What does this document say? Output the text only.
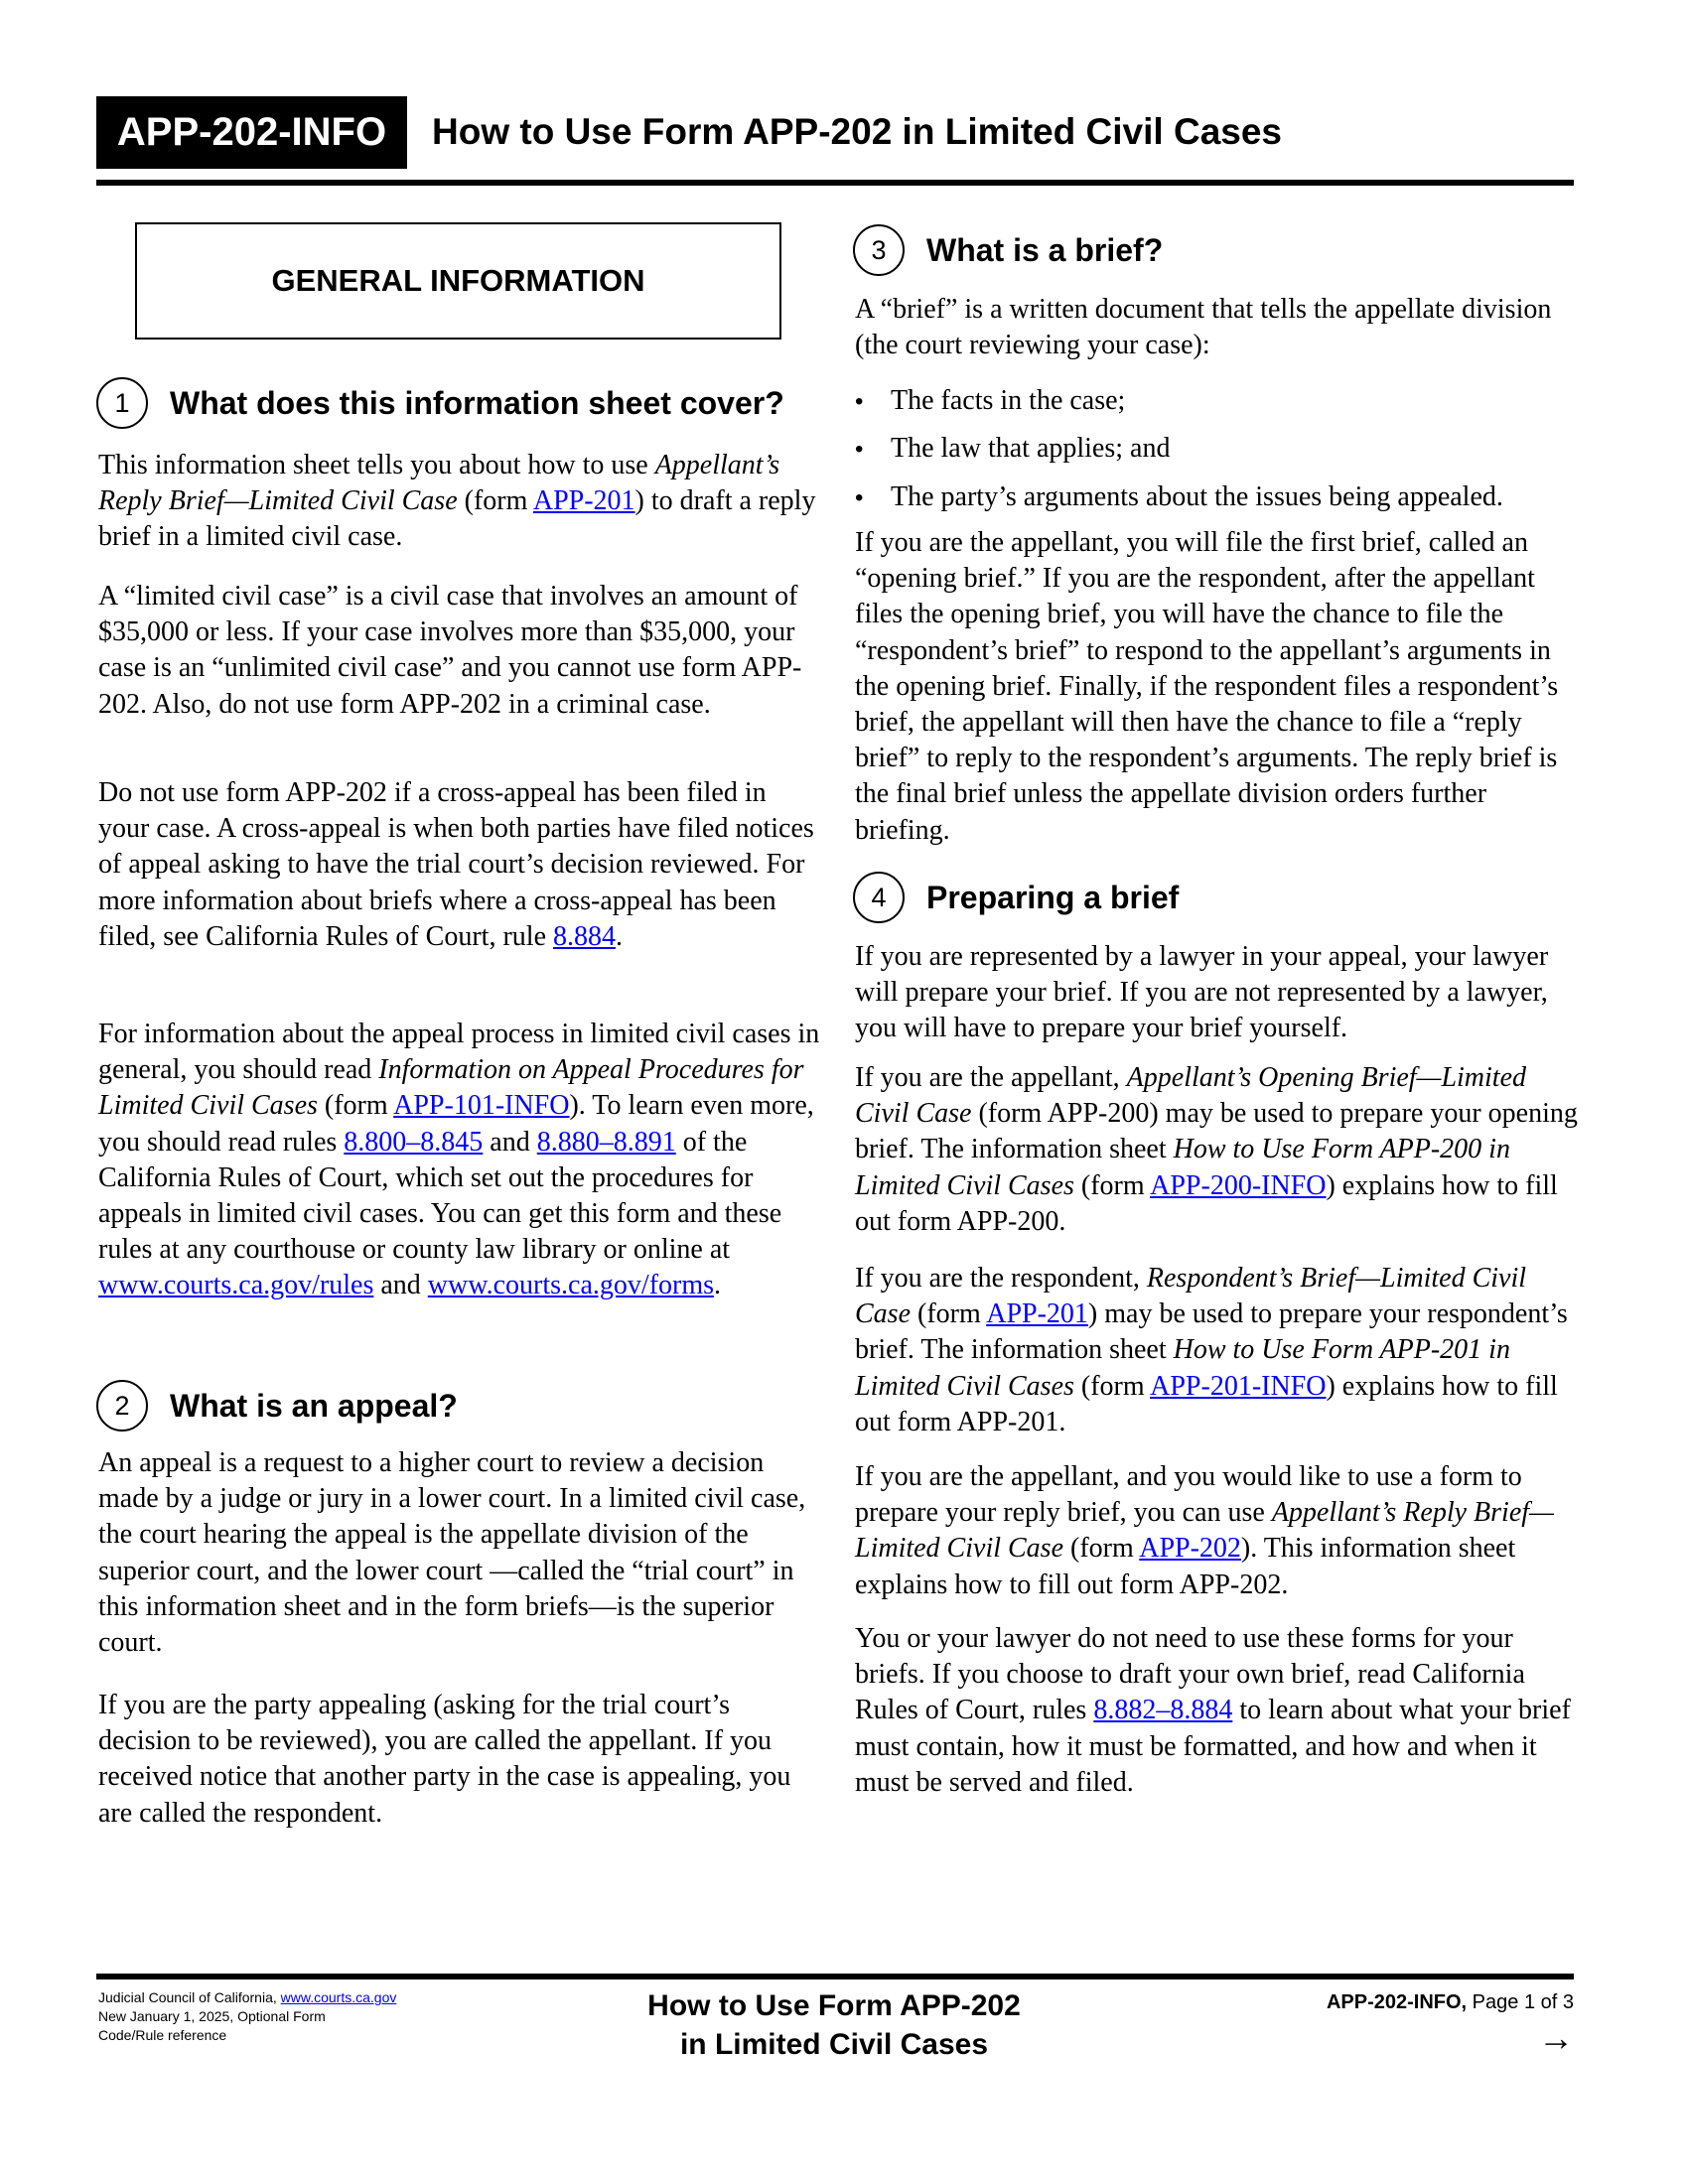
APP-202-INFO	How to Use Form APP-202 in Limited Civil Cases
GENERAL INFORMATION
1	What does this information sheet cover?
This information sheet tells you about how to use Appellant’s Reply Brief—Limited Civil Case (form APP-201) to draft a reply brief in a limited civil case.
A “limited civil case” is a civil case that involves an amount of $35,000 or less. If your case involves more than $35,000, your case is an “unlimited civil case” and you cannot use form APP-202. Also, do not use form APP-202 in a criminal case.
Do not use form APP-202 if a cross-appeal has been filed in your case. A cross-appeal is when both parties have filed notices of appeal asking to have the trial court’s decision reviewed. For more information about briefs where a cross-appeal has been filed, see California Rules of Court, rule 8.884.
For information about the appeal process in limited civil cases in general, you should read Information on Appeal Procedures for Limited Civil Cases (form APP-101-INFO). To learn even more, you should read rules 8.800–8.845 and 8.880–8.891 of the California Rules of Court, which set out the procedures for appeals in limited civil cases. You can get this form and these rules at any courthouse or county law library or online at www.courts.ca.gov/rules and www.courts.ca.gov/forms.
2	What is an appeal?
An appeal is a request to a higher court to review a decision made by a judge or jury in a lower court. In a limited civil case, the court hearing the appeal is the appellate division of the superior court, and the lower court —called the “trial court” in this information sheet and in the form briefs—is the superior court.
If you are the party appealing (asking for the trial court’s decision to be reviewed), you are called the appellant. If you received notice that another party in the case is appealing, you are called the respondent.
3	What is a brief?
A “brief” is a written document that tells the appellate division (the court reviewing your case):
• The facts in the case;
• The law that applies; and
• The party’s arguments about the issues being appealed.
If you are the appellant, you will file the first brief, called an “opening brief.” If you are the respondent, after the appellant files the opening brief, you will have the chance to file the “respondent’s brief” to respond to the appellant’s arguments in the opening brief. Finally, if the respondent files a respondent’s brief, the appellant will then have the chance to file a “reply brief” to reply to the respondent’s arguments. The reply brief is the final brief unless the appellate division orders further briefing.
4	Preparing a brief
If you are represented by a lawyer in your appeal, your lawyer will prepare your brief. If you are not represented by a lawyer, you will have to prepare your brief yourself.
If you are the appellant, Appellant’s Opening Brief—Limited Civil Case (form APP-200) may be used to prepare your opening brief. The information sheet How to Use Form APP-200 in Limited Civil Cases (form APP-200-INFO) explains how to fill out form APP-200.
If you are the respondent, Respondent’s Brief—Limited Civil Case (form APP-201) may be used to prepare your respondent’s brief. The information sheet How to Use Form APP-201 in Limited Civil Cases (form APP-201-INFO) explains how to fill out form APP-201.
If you are the appellant, and you would like to use a form to prepare your reply brief, you can use Appellant’s Reply Brief—Limited Civil Case (form APP-202). This information sheet explains how to fill out form APP-202.
You or your lawyer do not need to use these forms for your briefs. If you choose to draft your own brief, read California Rules of Court, rules 8.882–8.884 to learn about what your brief must contain, how it must be formatted, and how and when it must be served and filed.
Judicial Council of California, www.courts.ca.gov
New January 1, 2025, Optional Form
Code/Rule reference
How to Use Form APP-202
in Limited Civil Cases
APP-202-INFO, Page 1 of 3
→
